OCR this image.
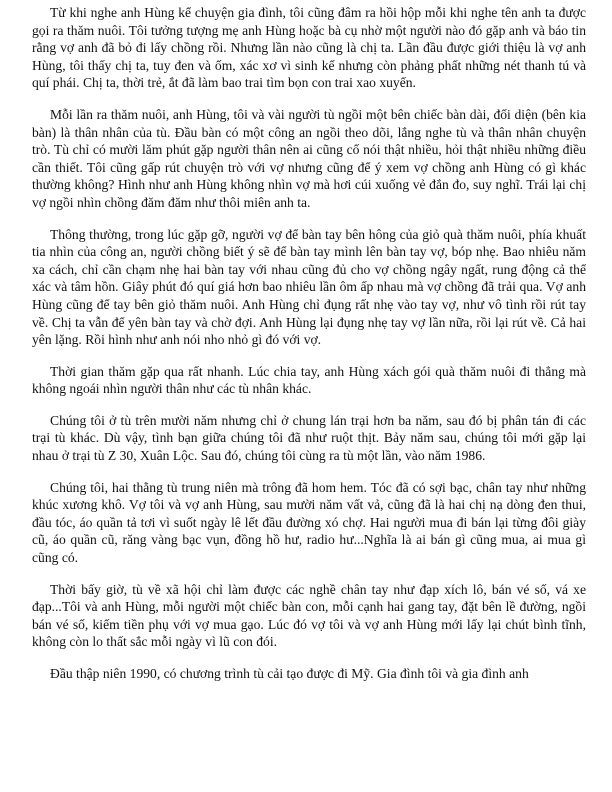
Từ khi nghe anh Hùng kể chuyện gia đình, tôi cũng đâm ra hồi hộp mỗi khi nghe tên anh ta được gọi ra thăm nuôi. Tôi tưởng tượng mẹ anh Hùng hoặc bà cụ nhờ một người nào đó gặp anh và báo tin rằng vợ anh đã bỏ đi lấy chồng rồi. Nhưng lần nào cũng là chị ta. Lần đầu được giới thiệu là vợ anh Hùng, tôi thấy chị ta, tuy đen và ốm, xác xơ vì sinh kế nhưng còn phảng phất những nét thanh tú và quí phái. Chị ta, thời trẻ, ắt đã làm bao trai tìm bọn con trai xao xuyến.

Mỗi lần ra thăm nuôi, anh Hùng, tôi và vài người tù ngồi một bên chiếc bàn dài, đối diện (bên kia bàn) là thân nhân của tù. Đầu bàn có một công an ngồi theo dõi, lắng nghe tù và thân nhân chuyện trò. Tù chỉ có mười lăm phút gặp người thân nên ai cũng cố nói thật nhiều, hỏi thật nhiều những điều cần thiết. Tôi cũng gấp rút chuyện trò với vợ nhưng cũng để ý xem vợ chồng anh Hùng có gì khác thường không? Hình như anh Hùng không nhìn vợ mà hơi cúi xuống vẻ đắn đo, suy nghĩ. Trái lại chị vợ ngồi nhìn chồng đăm đăm như thôi miên anh ta.

Thông thường, trong lúc gặp gỡ, người vợ để bàn tay bên hông của giỏ quà thăm nuôi, phía khuất tia nhìn của công an, người chồng biết ý sẽ để bàn tay mình lên bàn tay vợ, bóp nhẹ. Bao nhiêu năm xa cách, chỉ cần chạm nhẹ hai bàn tay với nhau cũng đủ cho vợ chồng ngây ngất, rung động cả thể xác và tâm hồn. Giây phút đó quí giá hơn bao nhiêu lần ôm ấp nhau mà vợ chồng đã trải qua. Vợ anh Hùng cũng để tay bên giỏ thăm nuôi. Anh Hùng chỉ đụng rất nhẹ vào tay vợ, như vô tình rồi rút tay về. Chị ta vẫn để yên bàn tay và chờ đợi. Anh Hùng lại đụng nhẹ tay vợ lần nữa, rồi lại rút về. Cả hai yên lặng. Rồi hình như anh nói nho nhỏ gì đó với vợ.

Thời gian thăm gặp qua rất nhanh. Lúc chia tay, anh Hùng xách gói quà thăm nuôi đi thẳng mà không ngoái nhìn người thân như các tù nhân khác.

Chúng tôi ở tù trên mười năm nhưng chỉ ở chung lán trại hơn ba năm, sau đó bị phân tán đi các trại tù khác. Dù vậy, tình bạn giữa chúng tôi đã như ruột thịt. Bảy năm sau, chúng tôi mới gặp lại nhau ở trại tù Z 30, Xuân Lộc. Sau đó, chúng tôi cùng ra tù một lần, vào năm 1986.

Chúng tôi, hai thằng tù trung niên mà trông đã hom hem. Tóc đã có sợi bạc, chân tay như những khúc xương khô. Vợ tôi và vợ anh Hùng, sau mười năm vất vả, cũng đã là hai chị nạ dòng đen thui, đầu tóc, áo quần tả tơi vì suốt ngày lê lết đầu đường xó chợ. Hai người mua đi bán lại từng đôi giày cũ, áo quần cũ, răng vàng bạc vụn, đồng hồ hư, radio hư...Nghĩa là ai bán gì cũng mua, ai mua gì cũng có.

Thời bấy giờ, tù về xã hội chỉ làm được các nghề chân tay như đạp xích lô, bán vé số, vá xe đạp...Tôi và anh Hùng, mỗi người một chiếc bàn con, mỗi cạnh hai gang tay, đặt bên lề đường, ngồi bán vé số, kiếm tiền phụ với vợ mua gạo. Lúc đó vợ tôi và vợ anh Hùng mới lấy lại chút bình tĩnh, không còn lo thất sắc mỗi ngày vì lũ con đói.

Đầu thập niên 1990, có chương trình tù cải tạo được đi Mỹ. Gia đình tôi và gia đình anh
